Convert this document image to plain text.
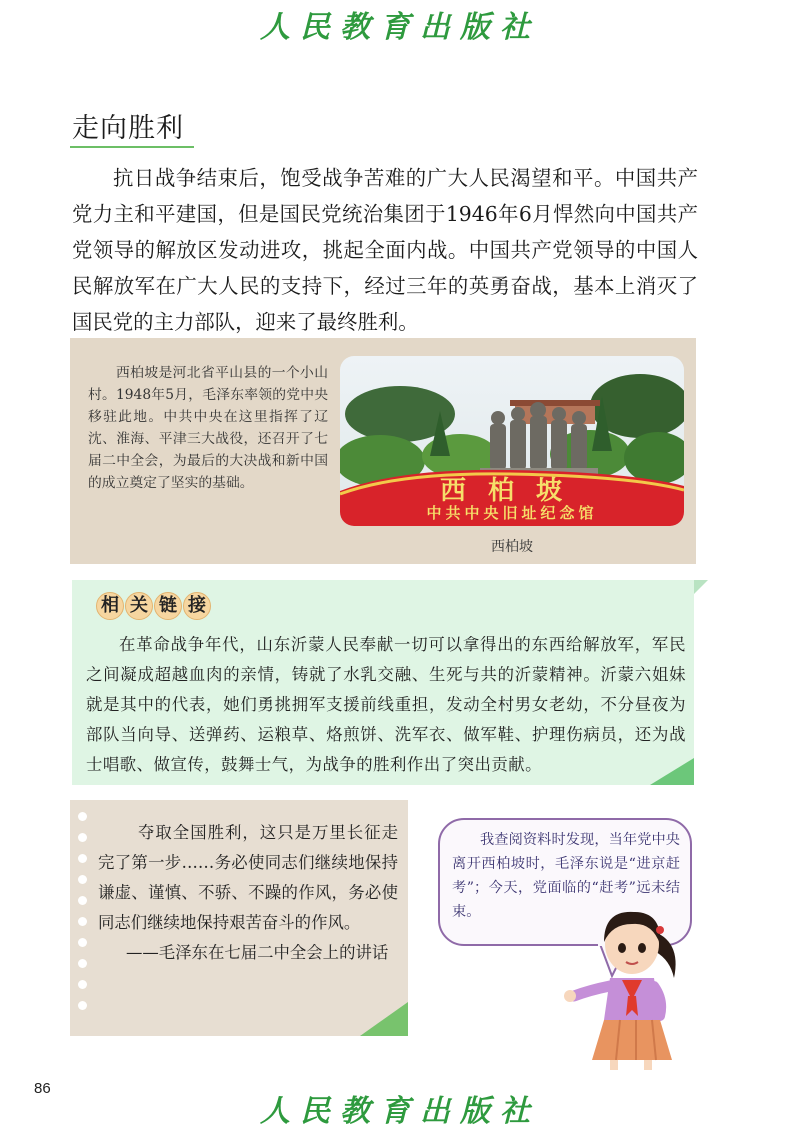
人民教育出版社
走向胜利

抗日战争结束后，饱受战争苦难的广大人民渴望和平。中国共产党力主和平建国，但是国民党统治集团于1946年6月悍然向中国共产党领导的解放区发动进攻，挑起全面内战。中国共产党领导的中国人民解放军在广大人民的支持下，经过三年的英勇奋战，基本上消灭了国民党的主力部队，迎来了最终胜利。

西柏坡是河北省平山县的一个小山村。1948年5月，毛泽东率领的党中央移驻此地。中共中央在这里指挥了辽沈、淮海、平津三大战役，还召开了七届二中全会，为最后的大决战和新中国的成立奠定了坚实的基础。	西柏坡
中共中央旧址纪念馆
西柏坡
相 关 链 接

在革命战争年代，山东沂蒙人民奉献一切可以拿得出的东西给解放军，军民之间凝成超越血肉的亲情，铸就了水乳交融、生死与共的沂蒙精神。沂蒙六姐妹就是其中的代表，她们勇挑拥军支援前线重担，发动全村男女老幼，不分昼夜为部队当向导、送弹药、运粮草、烙煎饼、洗军衣、做军鞋、护理伤病员，还为战士唱歌、做宣传，鼓舞士气，为战争的胜利作出了突出贡献。

夺取全国胜利，这只是万里长征走完了第一步……务必使同志们继续地保持谦虚、谨慎、不骄、不躁的作风，务必使同志们继续地保持艰苦奋斗的作风。
——毛泽东在七届二中全会上的讲话

我查阅资料时发现，当年党中央离开西柏坡时，毛泽东说是“进京赶考”；今天，党面临的“赶考”远未结束。

86
人民教育出版社
